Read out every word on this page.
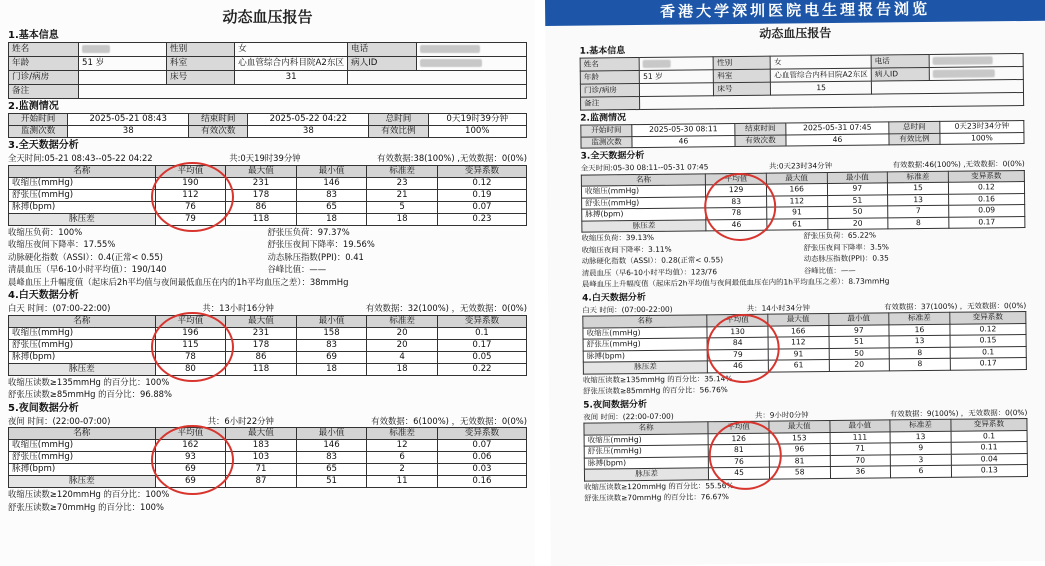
动态血压报告
1.基本信息
姓名		性别	女	电话	
年龄	51 岁	科室	心血管综合内科目院A2东区	病人ID	
门诊/病房		床号	31		
备注					
2.监测情况
开始时间	2025-05-21 08:43	结束时间	2025-05-22 04:22	总时间	0天19时39分钟
监测次数	38	有效次数	38	有效比例	100%
3.全天数据分析
全天时间:05-21 08:43--05-22 04:22	共:0天19时39分钟	有效数据:38(100%) ,无效数据：0(0%)
名称	平均值	最大值	最小值	标准差	变异系数
收缩压(mmHg)	190	231	146	23	0.12
舒张压(mmHg)	112	178	83	21	0.19
脉搏(bpm)	76	86	65	5	0.07
脉压差	79	118	18	18	0.23
收缩压负荷：100%	舒张压负荷：97.37%
收缩压夜间下降率：17.55%	舒张压夜间下降率：19.56%
动脉硬化指数（ASSI）：0.4(正常< 0.55)	动态脉压指数(PPI)：0.41
清晨血压（早6-10小时平均值）：190/140	谷峰比值：——
晨峰血压上升幅度值（起床后2h平均值与夜间最低血压在内的1h平均血压之差）：38mmHg
4.白天数据分析
白天 时间：(07:00-22:00)	共：13小时16分钟	有效数据：32(100%) ，无效数据：0(0%)
名称	平均值	最大值	最小值	标准差	变异系数
收缩压(mmHg)	196	231	158	20	0.1
舒张压(mmHg)	115	178	83	20	0.17
脉搏(bpm)	78	86	69	4	0.05
脉压差	80	118	18	18	0.22
收缩压读数≥135mmHg 的百分比：100%
舒张压读数≥85mmHg 的百分比：96.88%
5.夜间数据分析
夜间 时间：(22:00-07:00)	共：6小时22分钟	有效数据：6(100%) ，无效数据：0(0%)
名称	平均值	最大值	最小值	标准差	变异系数
收缩压(mmHg)	162	183	146	12	0.07
舒张压(mmHg)	93	103	83	6	0.06
脉搏(bpm)	69	71	65	2	0.03
脉压差	69	87	51	11	0.16
收缩压读数≥120mmHg 的百分比：100%
舒张压读数≥70mmHg 的百分比：100%
香港大学深圳医院电生理报告浏览
动态血压报告
1.基本信息
姓名		性别	女	电话	
年龄	51 岁	科室	心血管综合内科目院A2东区	病人ID	
门诊/病房		床号	15		
备注					
2.监测情况
开始时间	2025-05-30 08:11	结束时间	2025-05-31 07:45	总时间	0天23时34分钟
监测次数	46	有效次数	46	有效比例	100%
3.全天数据分析
全天时间:05-30 08:11--05-31 07:45	共:0天23时34分钟	有效数据:46(100%) ,无效数据：0(0%)
名称	平均值	最大值	最小值	标准差	变异系数
收缩压(mmHg)	129	166	97	15	0.12
舒张压(mmHg)	83	112	51	13	0.16
脉搏(bpm)	78	91	50	7	0.09
脉压差	46	61	20	8	0.17
收缩压负荷：39.13%	舒张压负荷：65.22%
收缩压夜间下降率：3.11%	舒张压夜间下降率：3.5%
动脉硬化指数（ASSI）：0.28(正常< 0.55)	动态脉压指数(PPI)：0.35
清晨血压（早6-10小时平均值）：123/76	谷峰比值：——
晨峰血压上升幅度值（起床后2h平均值与夜间最低血压在内的1h平均血压之差）：8.73mmHg
4.白天数据分析
白天 时间：(07:00-22:00)	共：14小时34分钟	有效数据：37(100%) ，无效数据：0(0%)
名称	平均值	最大值	最小值	标准差	变异系数
收缩压(mmHg)	130	166	97	16	0.12
舒张压(mmHg)	84	112	51	13	0.15
脉搏(bpm)	79	91	50	8	0.1
脉压差	46	61	20	8	0.17
收缩压读数≥135mmHg 的百分比：35.14%
舒张压读数≥85mmHg 的百分比：56.76%
5.夜间数据分析
夜间 时间：(22:00-07:00)	共：9小时0分钟	有效数据：9(100%) ，无效数据：0(0%)
名称	平均值	最大值	最小值	标准差	变异系数
收缩压(mmHg)	126	153	111	13	0.1
舒张压(mmHg)	81	96	71	9	0.11
脉搏(bpm)	76	81	70	3	0.04
脉压差	45	58	36	6	0.13
收缩压读数≥120mmHg 的百分比：55.56%
舒张压读数≥70mmHg 的百分比：76.67%
